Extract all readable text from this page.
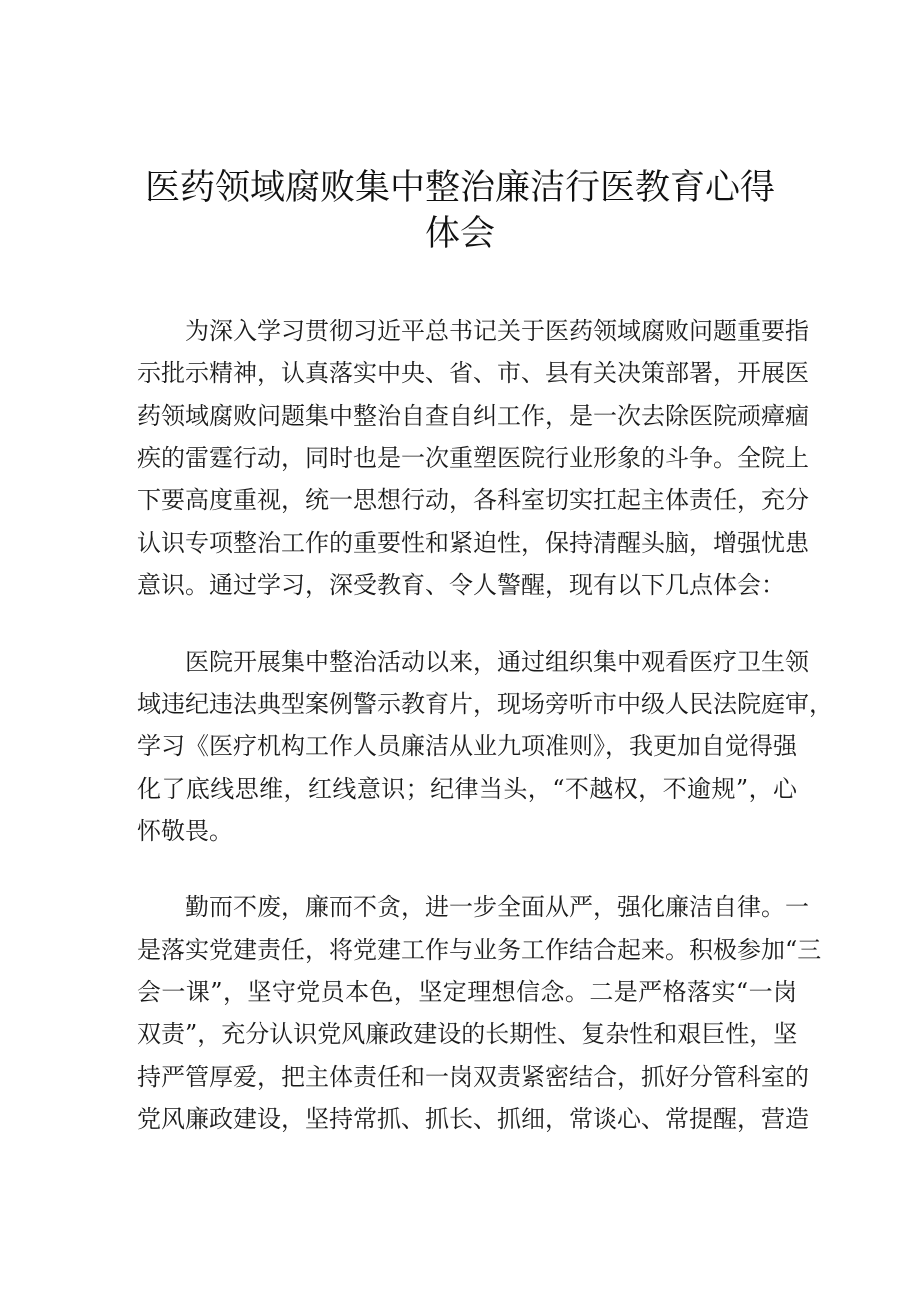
医药领域腐败集中整治廉洁行医教育心得
体会

为深入学习贯彻习近平总书记关于医药领域腐败问题重要指

示批示精神，认真落实中央、省、市、县有关决策部署，开展医

药领域腐败问题集中整治自查自纠工作，是一次去除医院顽瘴痼

疾的雷霆行动，同时也是一次重塑医院行业形象的斗争。全院上

下要高度重视，统一思想行动，各科室切实扛起主体责任，充分

认识专项整治工作的重要性和紧迫性，保持清醒头脑，增强忧患

意识。通过学习，深受教育、令人警醒，现有以下几点体会：

医院开展集中整治活动以来，通过组织集中观看医疗卫生领

域违纪违法典型案例警示教育片，现场旁听市中级人民法院庭审，

学习《医疗机构工作人员廉洁从业九项准则》，我更加自觉得强

化了底线思维，红线意识；纪律当头，“不越权，不逾规”，心

怀敬畏。

勤而不废，廉而不贪，进一步全面从严，强化廉洁自律。一

是落实党建责任，将党建工作与业务工作结合起来。积极参加“三

会一课”，坚守党员本色，坚定理想信念。二是严格落实“一岗

双责”，充分认识党风廉政建设的长期性、复杂性和艰巨性，坚

持严管厚爱，把主体责任和一岗双责紧密结合，抓好分管科室的

党风廉政建设，坚持常抓、抓长、抓细，常谈心、常提醒，营造
